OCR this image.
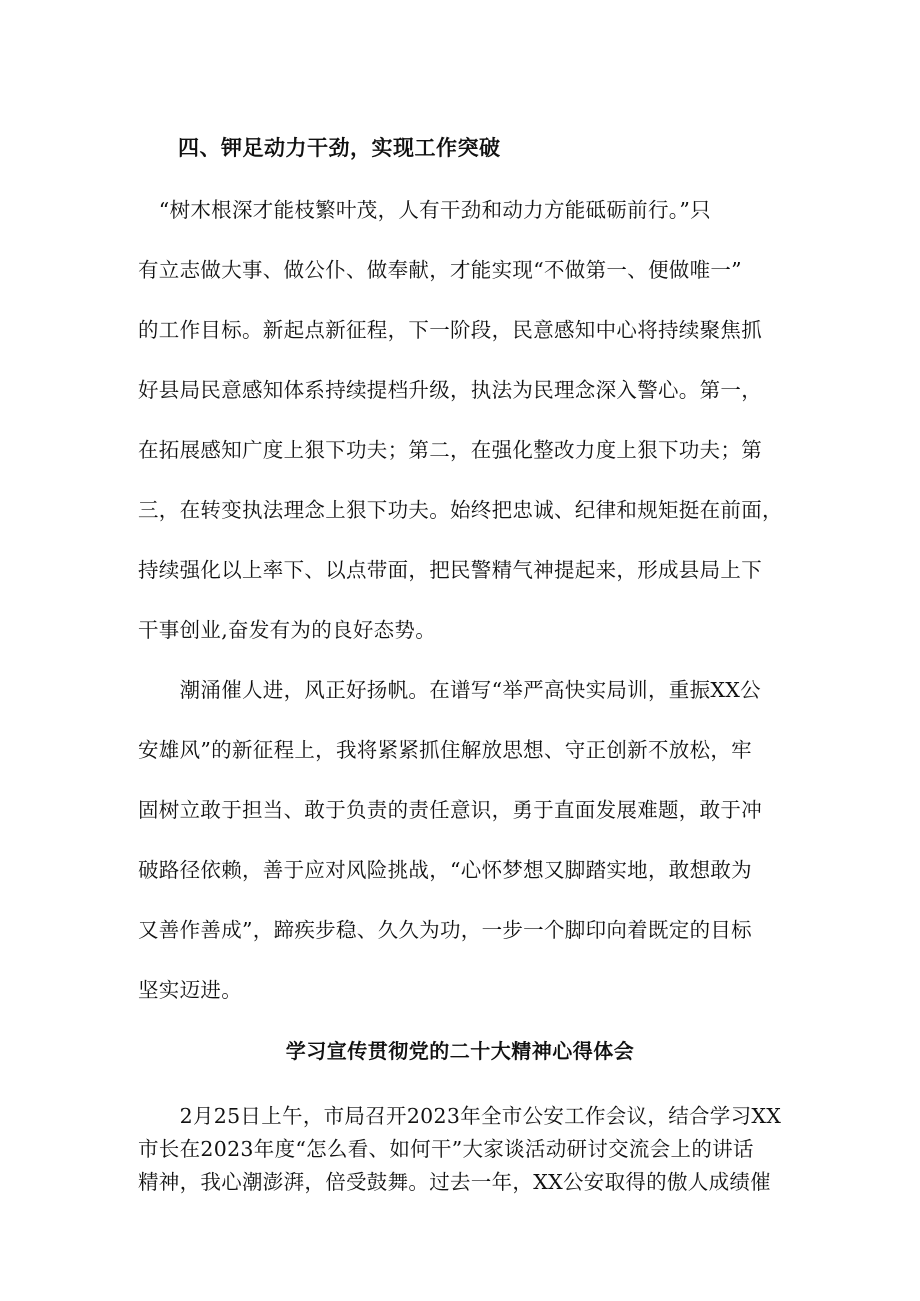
四、钾足动力干劲，实现工作突破
　“树木根深才能枝繁叶茂，人有干劲和动力方能砥砺前行。”只
有立志做大事、做公仆、做奉献，才能实现“不做第一、便做唯一”
的工作目标。新起点新征程，下一阶段，民意感知中心将持续聚焦抓
好县局民意感知体系持续提档升级，执法为民理念深入警心。第一，
在拓展感知广度上狠下功夫；第二，在强化整改力度上狠下功夫；第
三，在转变执法理念上狠下功夫。始终把忠诚、纪律和规矩挺在前面，
持续强化以上率下、以点带面，把民警精气神提起来，形成县局上下
干事创业,奋发有为的良好态势。
　　潮涌催人进，风正好扬帆。在谱写“举严高快实局训，重振XX公
安雄风”的新征程上，我将紧紧抓住解放思想、守正创新不放松，牢
固树立敢于担当、敢于负责的责任意识，勇于直面发展难题，敢于冲
破路径依赖，善于应对风险挑战，“心怀梦想又脚踏实地，敢想敢为
又善作善成”，蹄疾步稳、久久为功，一步一个脚印向着既定的目标
坚实迈进。
学习宣传贯彻党的二十大精神心得体会
　　2月25日上午，市局召开2023年全市公安工作会议，结合学习XX
市长在2023年度“怎么看、如何干”大家谈活动研讨交流会上的讲话
精神，我心潮澎湃，倍受鼓舞。过去一年，XX公安取得的傲人成绩催
